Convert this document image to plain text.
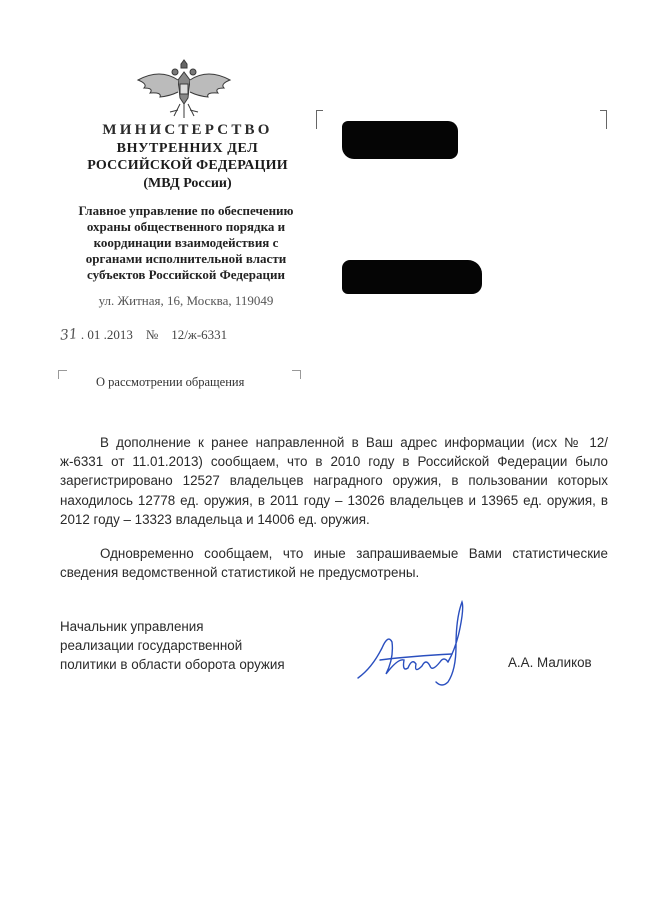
МИНИСТЕРСТВО
ВНУТРЕННИХ ДЕЛ
РОССИЙСКОЙ ФЕДЕРАЦИИ
(МВД России)
Главное управление по обеспечению
охраны общественного порядка и
координации взаимодействия с
органами исполнительной власти
субъектов Российской Федерации
ул. Житная, 16, Москва, 119049
31 . 01 .2013 № 12/ж-6331
О рассмотрении обращения

В дополнение к ранее направленной в Ваш адрес информации (исх № 12/ж-6331 от 11.01.2013) сообщаем, что в 2010 году в Российской Федерации было зарегистрировано 12527 владельцев наградного оружия, в пользовании которых находилось 12778 ед. оружия, в 2011 году – 13026 владельцев и 13965 ед. оружия, в 2012 году – 13323 владельца и 14006 ед. оружия.

Одновременно сообщаем, что иные запрашиваемые Вами статистические сведения ведомственной статистикой не предусмотрены.

Начальник управления
реализации государственной
политики в области оборота оружия	А.А. Маликов
